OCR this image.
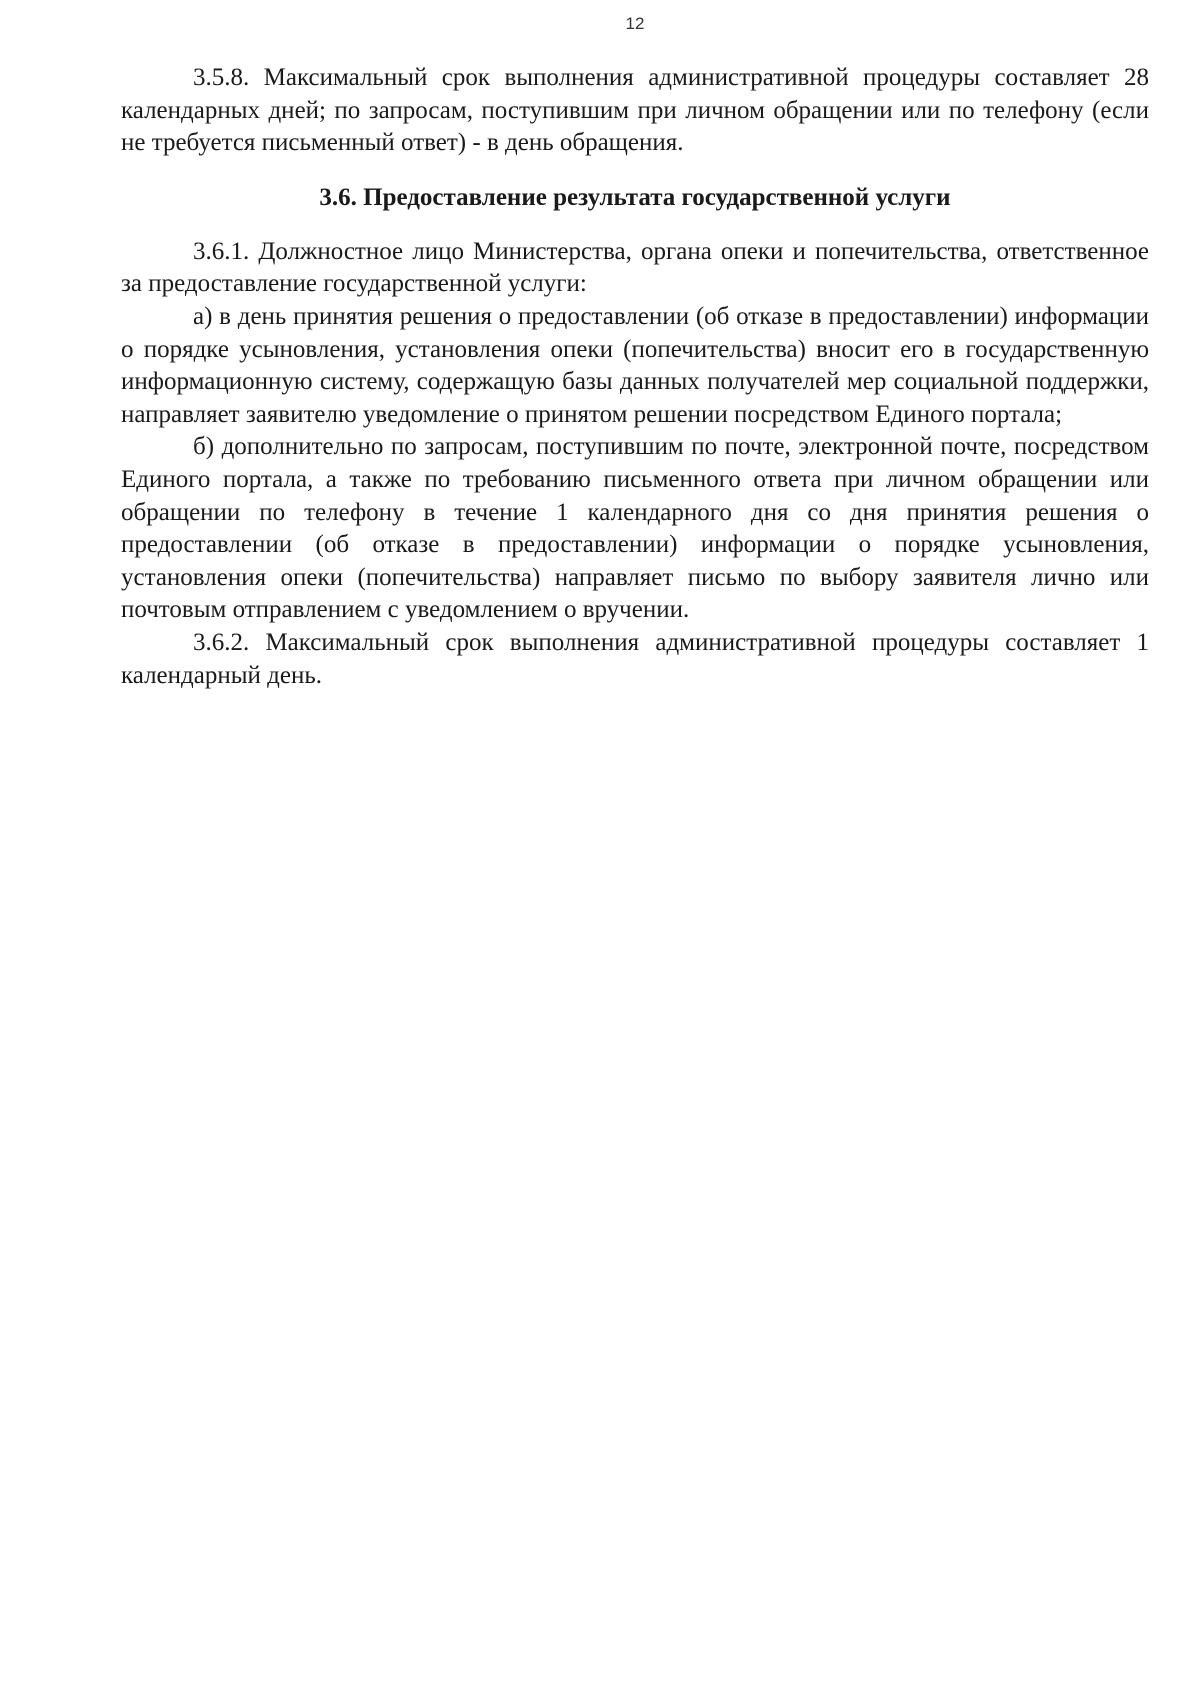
12

3.5.8. Максимальный срок выполнения административной процедуры составляет 28 календарных дней; по запросам, поступившим при личном обращении или по телефону (если не требуется письменный ответ) - в день обращения.

3.6. Предоставление результата государственной услуги

3.6.1. Должностное лицо Министерства, органа опеки и попечительства, ответственное за предоставление государственной услуги:

а) в день принятия решения о предоставлении (об отказе в предоставлении) информации о порядке усыновления, установления опеки (попечительства) вносит его в государственную информационную систему, содержащую базы данных получателей мер социальной поддержки, направляет заявителю уведомление о принятом решении посредством Единого портала;

б) дополнительно по запросам, поступившим по почте, электронной почте, посредством Единого портала, а также по требованию письменного ответа при личном обращении или обращении по телефону в течение 1 календарного дня со дня принятия решения о предоставлении (об отказе в предоставлении) информации о порядке усыновления, установления опеки (попечительства) направляет письмо по выбору заявителя лично или почтовым отправлением с уведомлением о вручении.

3.6.2. Максимальный срок выполнения административной процедуры составляет 1 календарный день.
